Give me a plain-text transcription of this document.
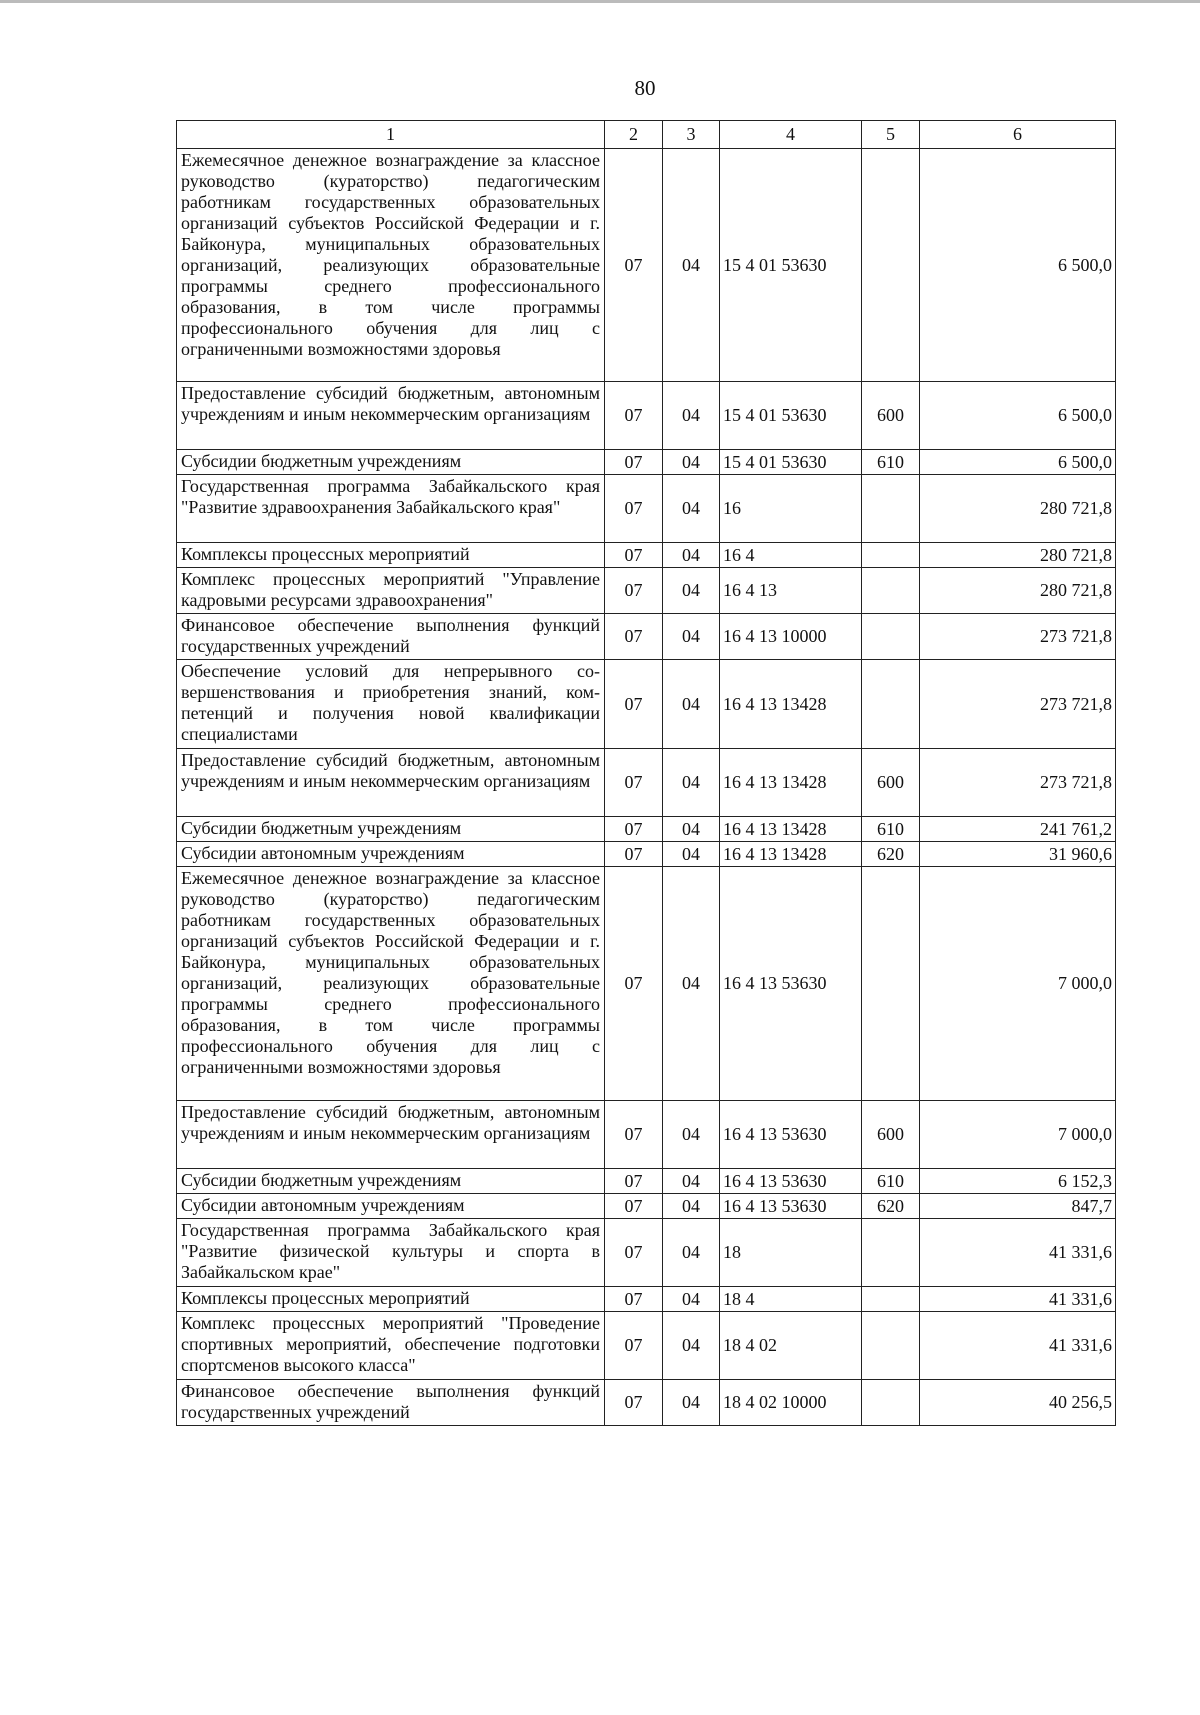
80
1	2	3	4	5	6
Ежемесячное денежное вознаграждение за классное руководство (кураторство) педагогическим работникам государственных образовательных организаций субъектов Российской Федерации и г. Байконура, муниципальных образовательных организаций, реализующих образовательные программы среднего профессионального образования, в том числе программы профессионального обучения для лиц с ограниченными возможностями здоровья	07	04	15 4 01 53630		6 500,0
Предоставление субсидий бюджетным, автономным учреждениям и иным некоммерческим организациям	07	04	15 4 01 53630	600	6 500,0
Субсидии бюджетным учреждениям	07	04	15 4 01 53630	610	6 500,0
Государственная программа Забайкальского края "Развитие здравоохранения Забайкальского края"	07	04	16		280 721,8
Комплексы процессных мероприятий	07	04	16 4		280 721,8
Комплекс процессных мероприятий "Управление кадровыми ресурсами здравоохранения"	07	04	16 4 13		280 721,8
Финансовое обеспечение выполнения функций государственных учреждений	07	04	16 4 13 10000		273 721,8
Обеспечение условий для непрерывного совершенствования и приобретения знаний, компетенций и получения новой квалификации специалистами	07	04	16 4 13 13428		273 721,8
Предоставление субсидий бюджетным, автономным учреждениям и иным некоммерческим организациям	07	04	16 4 13 13428	600	273 721,8
Субсидии бюджетным учреждениям	07	04	16 4 13 13428	610	241 761,2
Субсидии автономным учреждениям	07	04	16 4 13 13428	620	31 960,6
Ежемесячное денежное вознаграждение за классное руководство (кураторство) педагогическим работникам государственных образовательных организаций субъектов Российской Федерации и г. Байконура, муниципальных образовательных организаций, реализующих образовательные программы среднего профессионального образования, в том числе программы профессионального обучения для лиц с ограниченными возможностями здоровья	07	04	16 4 13 53630		7 000,0
Предоставление субсидий бюджетным, автономным учреждениям и иным некоммерческим организациям	07	04	16 4 13 53630	600	7 000,0
Субсидии бюджетным учреждениям	07	04	16 4 13 53630	610	6 152,3
Субсидии автономным учреждениям	07	04	16 4 13 53630	620	847,7
Государственная программа Забайкальского края "Развитие физической культуры и спорта в Забайкальском крае"	07	04	18		41 331,6
Комплексы процессных мероприятий	07	04	18 4		41 331,6
Комплекс процессных мероприятий "Проведение спортивных мероприятий, обеспечение подготовки спортсменов высокого класса"	07	04	18 4 02		41 331,6
Финансовое обеспечение выполнения функций государственных учреждений	07	04	18 4 02 10000		40 256,5
